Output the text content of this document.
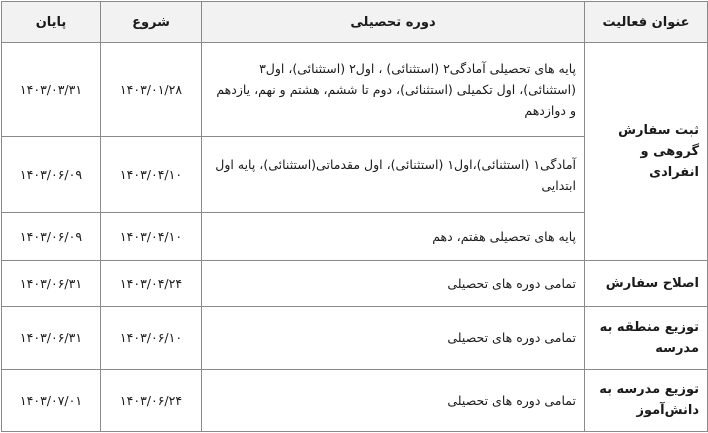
عنوان فعالیت	دوره تحصیلی	شروع	پایان
ثبت سفارش گروهی و انفرادی	پایه های تحصیلی آمادگی۲ (استثنائی) ، اول۲ (استثنائی)، اول۳ (استثنائی)، اول تکمیلی (استثنائی)، دوم تا ششم، هشتم و نهم، یازدهم و دوازدهم	۱۴۰۳/۰۱/۲۸	۱۴۰۳/۰۳/۳۱
	آمادگی۱ (استثنائی)،اول۱ (استثنائی)، اول مقدماتی(استثنائی)، پایه اول ابتدایی	۱۴۰۳/۰۴/۱۰	۱۴۰۳/۰۶/۰۹
	پایه های تحصیلی هفتم، دهم	۱۴۰۳/۰۴/۱۰	۱۴۰۳/۰۶/۰۹
اصلاح سفارش	تمامی دوره های تحصیلی	۱۴۰۳/۰۴/۲۴	۱۴۰۳/۰۶/۳۱
توزیع منطقه به مدرسه	تمامی دوره های تحصیلی	۱۴۰۳/۰۶/۱۰	۱۴۰۳/۰۶/۳۱
توزیع مدرسه به دانش‌آموز	تمامی دوره های تحصیلی	۱۴۰۳/۰۶/۲۴	۱۴۰۳/۰۷/۰۱
